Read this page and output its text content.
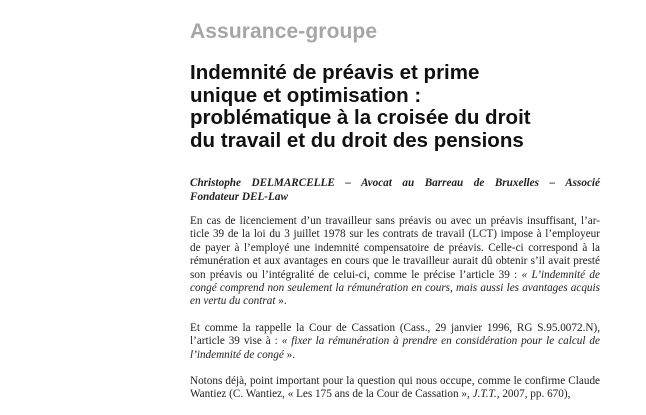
Assurance-groupe
Indemnité de préavis et prime
unique et optimisation :
problématique à la croisée du droit
du travail et du droit des pensions
Christophe DELMARCELLE – Avocat au Barreau de Bruxelles – Associé
Fondateur DEL-Law

En cas de licenciement d’un travailleur sans préavis ou avec un préavis insuffisant, l’ar-
ticle 39 de la loi du 3 juillet 1978 sur les contrats de travail (LCT) impose à l’employeur
de payer à l’employé une indemnité compensatoire de préavis. Celle-ci correspond à la
rémunération et aux avantages en cours que le travailleur aurait dû obtenir s’il avait presté
son préavis ou l’intégralité de celui-ci, comme le précise l’article 39 : « L’indemnité de
congé comprend non seulement la rémunération en cours, mais aussi les avantages acquis
en vertu du contrat ».

Et comme la rappelle la Cour de Cassation (Cass., 29 janvier 1996, RG S.95.0072.N),
l’article 39 vise à : « fixer la rémunération à prendre en considération pour le calcul de
l’indemnité de congé ».

Notons déjà, point important pour la question qui nous occupe, comme le confirme Claude
Wantiez (C. Wantiez, « Les 175 ans de la Cour de Cassation », J.T.T., 2007, pp. 670),
